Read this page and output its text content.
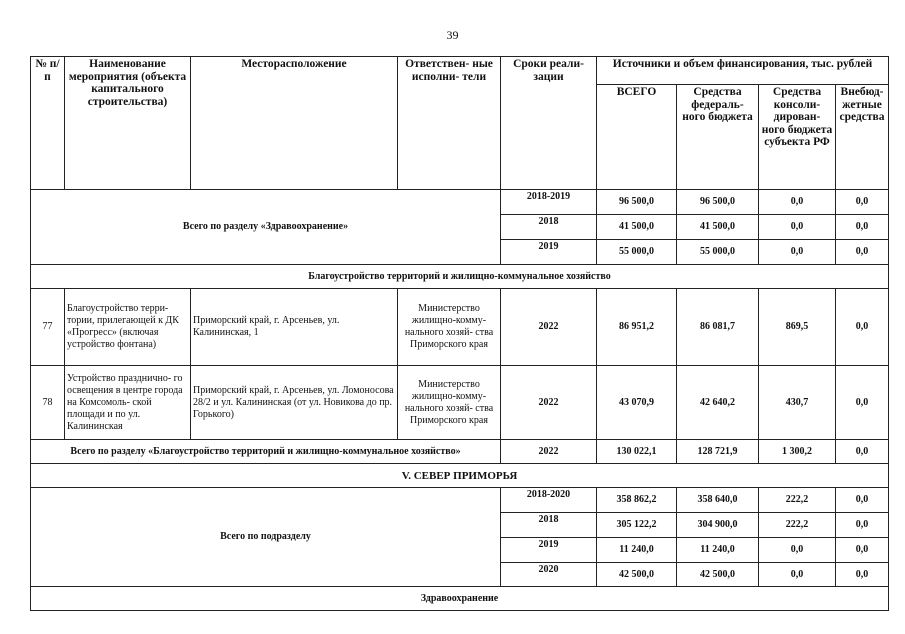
39
№ п/ п	Наименование мероприятия (объекта капитального строительства)	Месторасположение	Ответствен- ные исполни- тели	Сроки реали- зации	Источники и объем финансирования, тыс. рублей			
					ВСЕГО	Средства федераль- ного бюджета	Средства консоли- дирован- ного бюджета субъекта РФ	Внебюд- жетные средства
Всего по разделу «Здравоохранение»				2018-2019	96 500,0	96 500,0	0,0	0,0
				2018	41 500,0	41 500,0	0,0	0,0
				2019	55 000,0	55 000,0	0,0	0,0
Благоустройство территорий и жилищно-коммунальное хозяйство								
77	Благоустройство терри- тории, прилегающей к ДК «Прогресс» (включая устройство фонтана)	Приморский край, г. Арсеньев, ул. Калининская, 1	Министерство жилищно-комму- нального хозяй- ства Приморского края	2022	86 951,2	86 081,7	869,5	0,0
78	Устройство празднично- го освещения в центре города на Комсомоль- ской площади и по ул. Калининская	Приморский край, г. Арсеньев, ул. Ломоносова 28/2 и ул. Калининская (от ул. Новикова до пр. Горького)	Министерство жилищно-комму- нального хозяй- ства Приморского края	2022	43 070,9	42 640,2	430,7	0,0
Всего по разделу «Благоустройство территорий и жилищно-коммунальное хозяйство»				2022	130 022,1	128 721,9	1 300,2	0,0
V. СЕВЕР ПРИМОРЬЯ								
Всего по подразделу				2018-2020	358 862,2	358 640,0	222,2	0,0
				2018	305 122,2	304 900,0	222,2	0,0
				2019	11 240,0	11 240,0	0,0	0,0
				2020	42 500,0	42 500,0	0,0	0,0
Здравоохранение								
